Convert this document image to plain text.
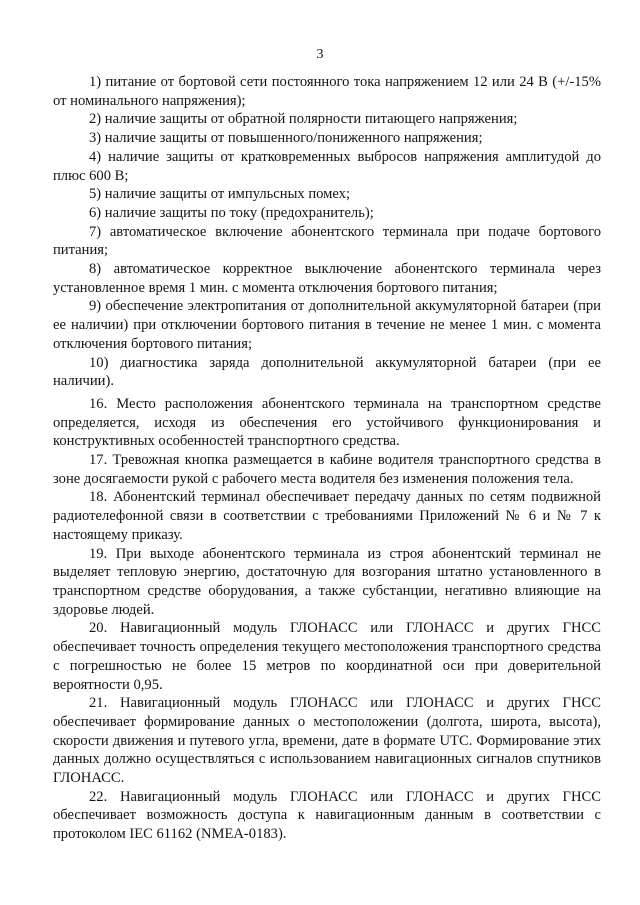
3

1) питание от бортовой сети постоянного тока напряжением 12 или 24 В (+/-15% от номинального напряжения);

2) наличие защиты от обратной полярности питающего напряжения;

3) наличие защиты от повышенного/пониженного напряжения;

4) наличие защиты от кратковременных выбросов напряжения амплитудой до плюс 600 В;

5) наличие защиты от импульсных помех;

6) наличие защиты по току (предохранитель);

7) автоматическое включение абонентского терминала при подаче бортового питания;

8) автоматическое корректное выключение абонентского терминала через установленное время 1 мин. с момента отключения бортового питания;

9) обеспечение электропитания от дополнительной аккумуляторной батареи (при ее наличии) при отключении бортового питания в течение не менее 1 мин. с момента отключения бортового питания;

10) диагностика заряда дополнительной аккумуляторной батареи (при ее наличии).

16. Место расположения абонентского терминала на транспортном средстве определяется, исходя из обеспечения его устойчивого функционирования и конструктивных особенностей транспортного средства.

17. Тревожная кнопка размещается в кабине водителя транспортного средства в зоне досягаемости рукой с рабочего места водителя без изменения положения тела.

18. Абонентский терминал обеспечивает передачу данных по сетям подвижной радиотелефонной связи в соответствии с требованиями Приложений № 6 и № 7 к настоящему приказу.

19. При выходе абонентского терминала из строя абонентский терминал не выделяет тепловую энергию, достаточную для возгорания штатно установленного в транспортном средстве оборудования, а также субстанции, негативно влияющие на здоровье людей.

20. Навигационный модуль ГЛОНАСС или ГЛОНАСС и других ГНСС обеспечивает точность определения текущего местоположения транспортного средства с погрешностью не более 15 метров по координатной оси при доверительной вероятности 0,95.

21. Навигационный модуль ГЛОНАСС или ГЛОНАСС и других ГНСС обеспечивает формирование данных о местоположении (долгота, широта, высота), скорости движения и путевого угла, времени, дате в формате UTC. Формирование этих данных должно осуществляться с использованием навигационных сигналов спутников ГЛОНАСС.

22. Навигационный модуль ГЛОНАСС или ГЛОНАСС и других ГНСС обеспечивает возможность доступа к навигационным данным в соответствии с протоколом IEC 61162 (NMEA-0183).
